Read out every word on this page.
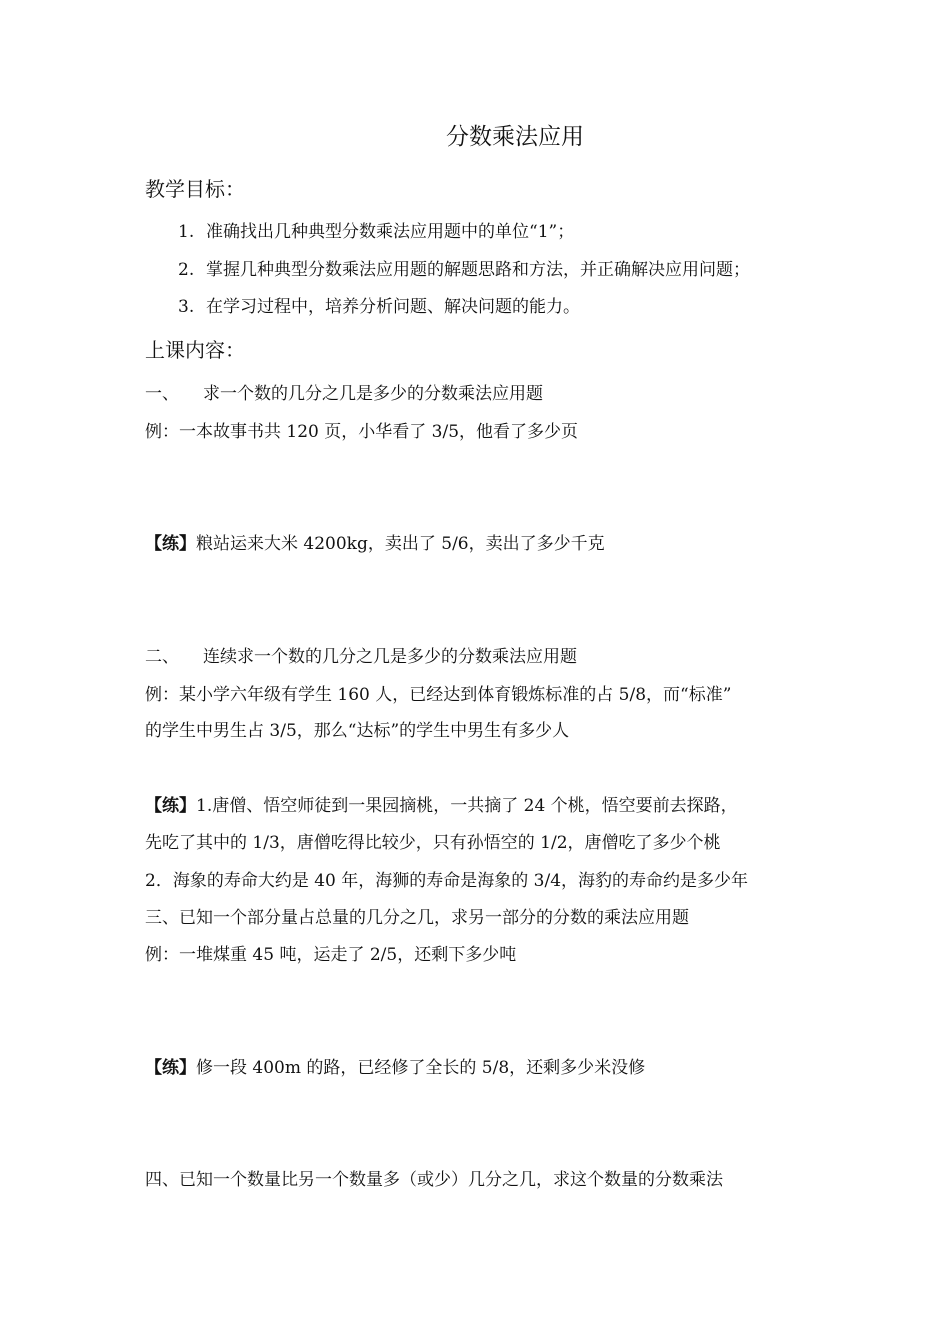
分数乘法应用
教学目标：
1. 准确找出几种典型分数乘法应用题中的单位“1”；
2. 掌握几种典型分数乘法应用题的解题思路和方法，并正确解决应用问题；
3. 在学习过程中，培养分析问题、解决问题的能力。
上课内容：
一、 求一个数的几分之几是多少的分数乘法应用题
例：一本故事书共 120 页，小华看了 3/5，他看了多少页
【练】粮站运来大米 4200kg，卖出了 5/6，卖出了多少千克
二、 连续求一个数的几分之几是多少的分数乘法应用题
例：某小学六年级有学生 160 人，已经达到体育锻炼标准的占 5/8，而“标准”
的学生中男生占 3/5，那么“达标”的学生中男生有多少人
【练】1.唐僧、悟空师徒到一果园摘桃，一共摘了 24 个桃，悟空要前去探路，
先吃了其中的 1/3，唐僧吃得比较少，只有孙悟空的 1/2，唐僧吃了多少个桃
2．海象的寿命大约是 40 年，海狮的寿命是海象的 3/4，海豹的寿命约是多少年
三、已知一个部分量占总量的几分之几，求另一部分的分数的乘法应用题
例：一堆煤重 45 吨，运走了 2/5，还剩下多少吨
【练】修一段 400m 的路，已经修了全长的 5/8，还剩多少米没修
四、已知一个数量比另一个数量多（或少）几分之几，求这个数量的分数乘法
